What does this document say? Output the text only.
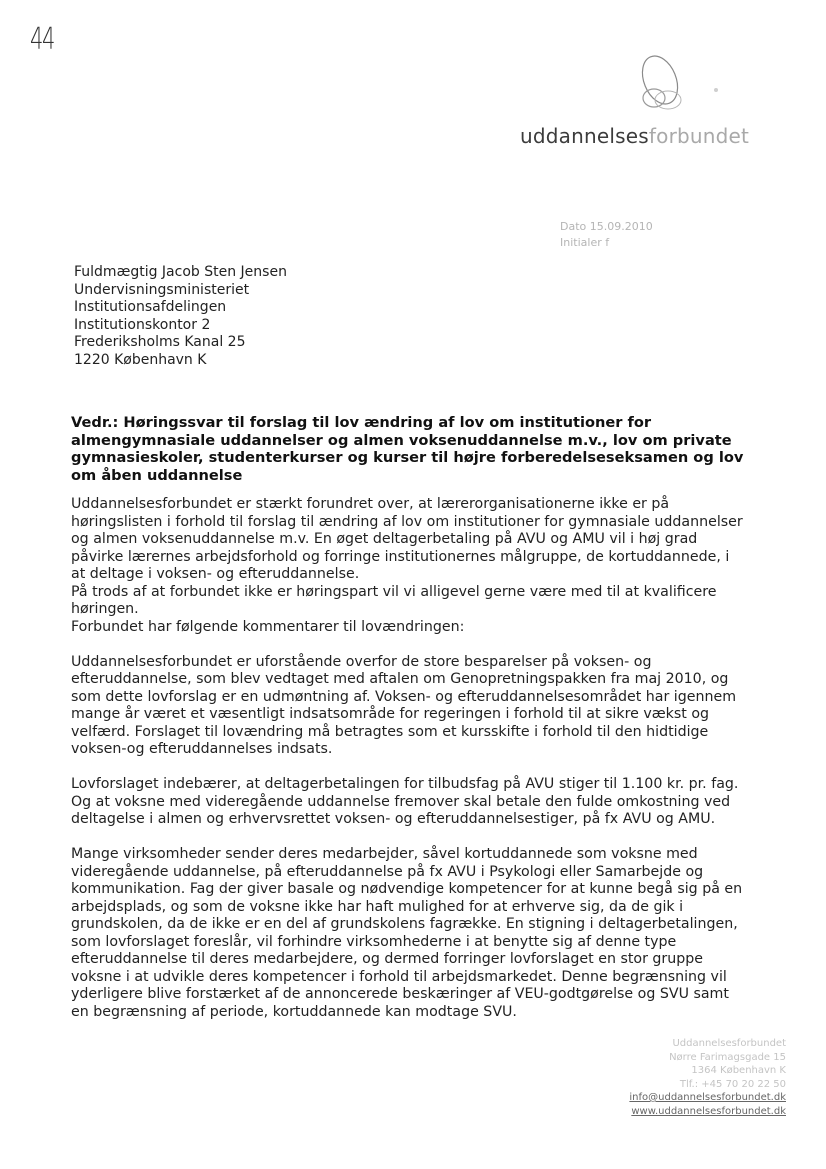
44
uddannelsesforbundet
Dato 15.09.2010
Initialer f
Fuldmægtig Jacob Sten Jensen
Undervisningsministeriet
Institutionsafdelingen
Institutionskontor 2
Frederiksholms Kanal 25
1220 København K
Vedr.: Høringssvar til forslag til lov ændring af lov om institutioner for almengymnasiale uddannelser og almen voksenuddannelse m.v., lov om private gymnasieskoler, studenterkurser og kurser til højre forberedelseseksamen og lov om åben uddannelse

Uddannelsesforbundet er stærkt forundret over, at lærerorganisationerne ikke er på høringslisten i forhold til forslag til ændring af lov om institutioner for gymnasiale uddannelser og almen voksenuddannelse m.v. En øget deltagerbetaling på AVU og AMU vil i høj grad påvirke lærernes arbejdsforhold og forringe institutionernes målgruppe, de kortuddannede, i at deltage i voksen- og efteruddannelse.

På trods af at forbundet ikke er høringspart vil vi alligevel gerne være med til at kvalificere høringen.

Forbundet har følgende kommentarer til lovændringen:

Uddannelsesforbundet er uforstående overfor de store besparelser på voksen- og efteruddannelse, som blev vedtaget med aftalen om Genopretningspakken fra maj 2010, og som dette lovforslag er en udmøntning af. Voksen- og efteruddannelsesområdet har igennem mange år været et væsentligt indsatsområde for regeringen i forhold til at sikre vækst og velfærd. Forslaget til lovændring må betragtes som et kursskifte i forhold til den hidtidige voksen-og efteruddannelses indsats.

Lovforslaget indebærer, at deltagerbetalingen for tilbudsfag på AVU stiger til 1.100 kr. pr. fag. Og at voksne med videregående uddannelse fremover skal betale den fulde omkostning ved deltagelse i almen og erhvervsrettet voksen- og efteruddannelsestiger, på fx AVU og AMU.

Mange virksomheder sender deres medarbejder, såvel kortuddannede som voksne med videregående uddannelse, på efteruddannelse på fx AVU i Psykologi eller Samarbejde og kommunikation. Fag der giver basale og nødvendige kompetencer for at kunne begå sig på en arbejdsplads, og som de voksne ikke har haft mulighed for at erhverve sig, da de gik i grundskolen, da de ikke er en del af grundskolens fagrække. En stigning i deltagerbetalingen, som lovforslaget foreslår, vil forhindre virksomhederne i at benytte sig af denne type efteruddannelse til deres medarbejdere, og dermed forringer lovforslaget en stor gruppe voksne i at udvikle deres kompetencer i forhold til arbejdsmarkedet. Denne begrænsning vil yderligere blive forstærket af de annoncerede beskæringer af VEU-godtgørelse og SVU samt en begrænsning af periode, kortuddannede kan modtage SVU.

Uddannelsesforbundet
Nørre Farimagsgade 15
1364 København K
Tlf.: +45 70 20 22 50
info@uddannelsesforbundet.dk
www.uddannelsesforbundet.dk
